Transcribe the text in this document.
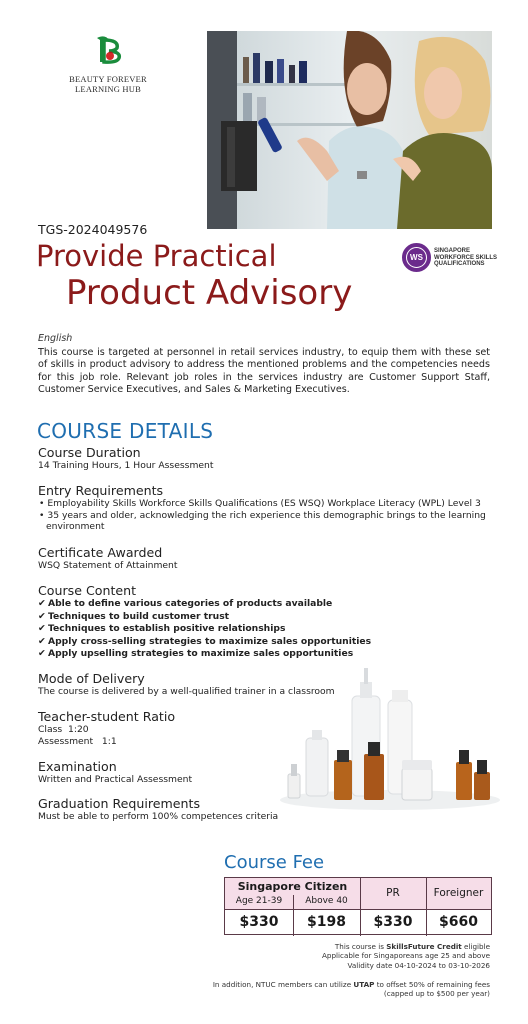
BEAUTY FOREVER
LEARNING HUB
TGS-2024049576
Provide Practical
Product Advisory
WS
SINGAPORE
WORKFORCE SKILLS
QUALIFICATIONS
English
This course is targeted at personnel in retail services industry, to equip them with these set of skills in product advisory to address the mentioned problems and the competencies needs for this job role. Relevant job roles in the services industry are Customer Support Staff, Customer Service Executives, and Sales & Marketing Executives.
COURSE DETAILS
Course Duration
14 Training Hours, 1 Hour Assessment
Entry Requirements
• Employability Skills Workforce Skills Qualifications (ES WSQ) Workplace Literacy (WPL) Level 3
• 35 years and older, acknowledging the rich experience this demographic brings to the learning environment
Certificate Awarded
WSQ Statement of Attainment
Course Content
✔ Able to define various categories of products available
✔ Techniques to build customer trust
✔ Techniques to establish positive relationships
✔ Apply cross-selling strategies to maximize sales opportunities
✔ Apply upselling strategies to maximize sales opportunities
Mode of Delivery
The course is delivered by a well-qualified trainer in a classroom
Teacher-student Ratio
Class  1:20
Assessment   1:1
Examination
Written and Practical Assessment
Graduation Requirements
Must be able to perform 100% competences criteria
Course Fee
Singapore Citizen
Age 21-39	Above 40
PR	Foreigner
$330	$198	$330	$660
This course is SkillsFuture Credit eligible
Applicable for Singaporeans age 25 and above
Validity date 04-10-2024 to 03-10-2026
In addition, NTUC members can utilize UTAP to offset 50% of remaining fees
(capped up to $500 per year)
